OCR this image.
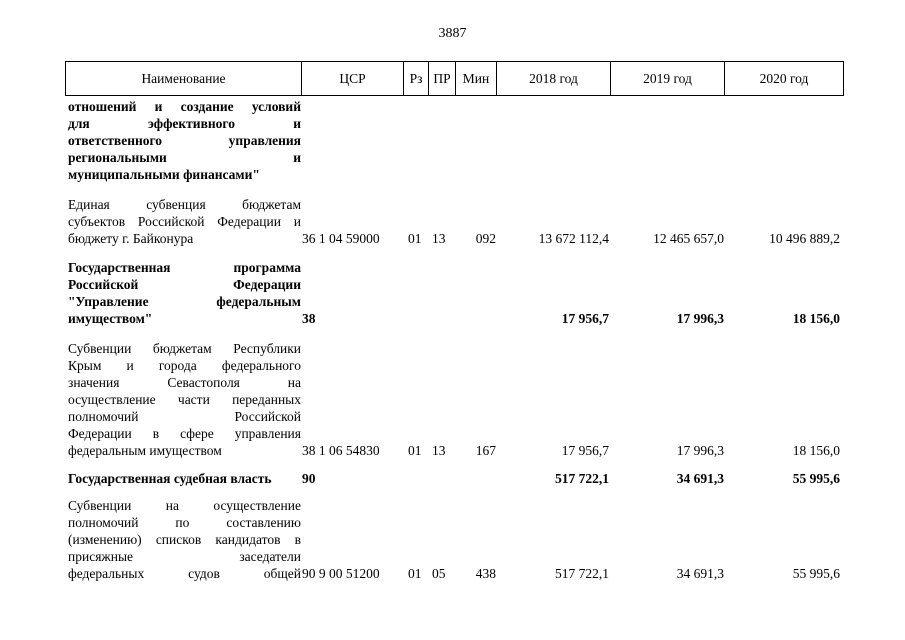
3887
Наименование	ЦСР	Рз ПР Мин	2018 год	2019 год	2020 год
отношений и создание условий
для эффективного и
ответственного управления
региональными и
муниципальными финансами"
Единая субвенция бюджетам
субъектов Российской Федерации и
бюджету г. Байконура	36 1 04 59000	01 13	092	13 672 112,4	12 465 657,0	10 496 889,2
Государственная программа
Российской Федерации
"Управление федеральным
имуществом"	38	17 956,7	17 996,3	18 156,0
Субвенции бюджетам Республики
Крым и города федерального
значения Севастополя на
осуществление части переданных
полномочий Российской
Федерации в сфере управления
федеральным имуществом	38 1 06 54830	01 13	167	17 956,7	17 996,3	18 156,0
Государственная судебная власть	90	517 722,1	34 691,3	55 995,6
Субвенции на осуществление
полномочий по составлению
(изменению) списков кандидатов в
присяжные заседатели
федеральных судов общей 90 9 00 51200	01 05	438	517 722,1	34 691,3	55 995,6
